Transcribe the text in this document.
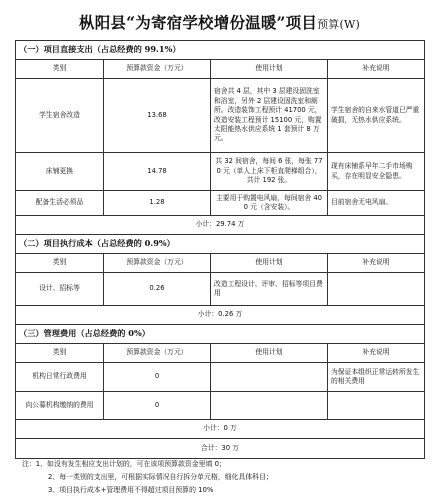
枞阳县“为寄宿学校增份温暖”项目预算(W)
（一）项目直接支出（占总经费的 99.1%）			
类别	预算款资金（万元）	使用计划	补充说明
学生宿舍改造	13.68	宿舍共 4 层，其中 3 层建设固洗室和浴室，另外 2 层建设固洗室和厕所。改造装饰工程预计 41700 元，改造安装工程预计 15100 元，购置太阳能热水供应系统 1 套预计 8 万元。	学生宿舍的自来水管道已严重破损，无热水供应系统。
床铺更换	14.78	共 32 间宿舍，每间 6 张，每张 770 元（单人上床下柜直爬梯组合），共计 192 张。	现有床铺系早年二手市场购买，存在明显安全隐患。
配备生活必须品	1.28	主要用于购置电风扇，每间宿舍 400 元（含安装）。	目前宿舍无电风扇。
小计：29.74 万			
（二）项目执行成本（占总经费的 0.9%）			
类别	预算款资金（万元）	使用计划	补充说明
设计、招标等	0.26	改造工程设计、评审、招标等项目费用	
小计：0.26 万			
（三）管理费用（占总经费的 0%）			
类别	预算款资金（万元）	使用计划	补充说明
机构日常行政费用	0		为保证本组织正常运转所发生的相关费用
向公募机构缴纳的费用	0		
小计：0 万			
合计：30 万			
注：1、如没有发生相应支出计划的，可在该项预算款资金里填 0；
2、每一类别的支出里，可根据实际情况自行拆分单元格，细化具体科目；
3、项目执行成本+管理费用不得超过项目预算的 10%
